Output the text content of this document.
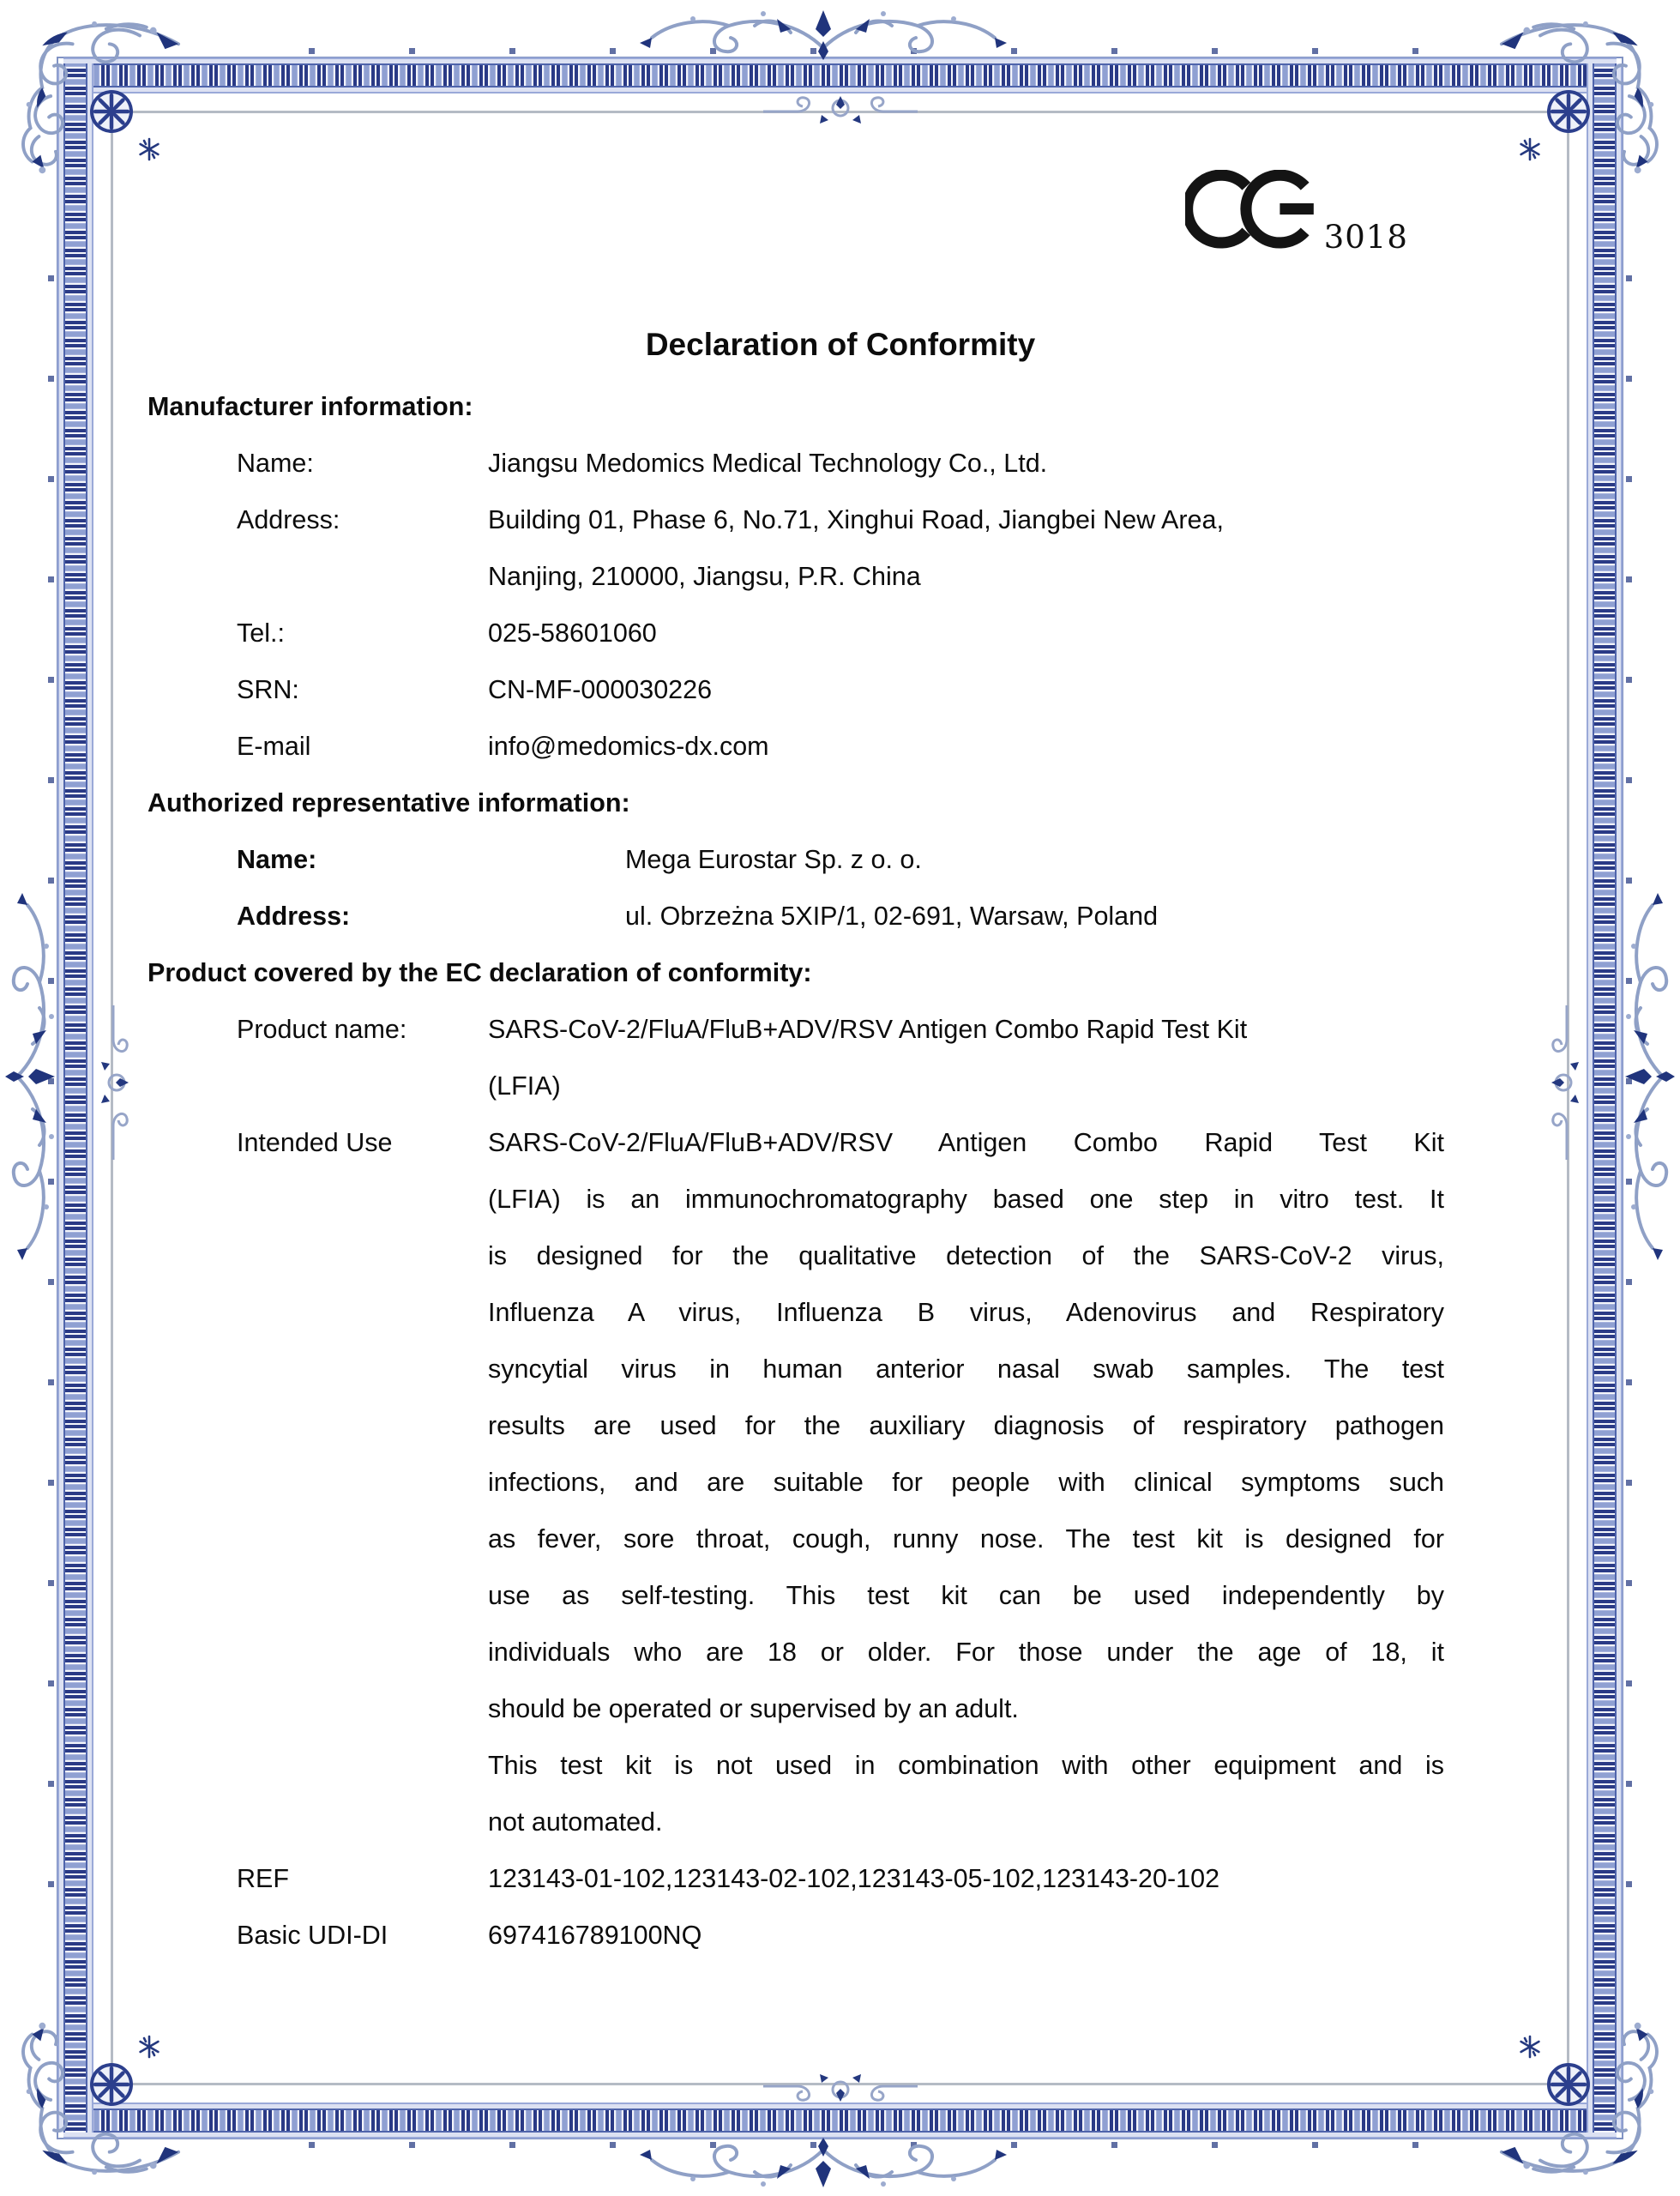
3018
Declaration of Conformity
Manufacturer information:
Name:	Jiangsu Medomics Medical Technology Co., Ltd.
Address:	Building 01, Phase 6, No.71, Xinghui Road, Jiangbei New Area,
Nanjing, 210000, Jiangsu, P.R. China
Tel.:	025-58601060
SRN:	CN-MF-000030226
E-mail	info@medomics-dx.com
Authorized representative information:
Name:	Mega Eurostar Sp. z o. o.
Address:	ul. Obrzeżna 5XIP/1, 02-691, Warsaw, Poland
Product covered by the EC declaration of conformity:
Product name:	SARS-CoV-2/FluA/FluB+ADV/RSV Antigen Combo Rapid Test Kit
(LFIA)
Intended Use	SARS-CoV-2/FluA/FluB+ADV/RSV Antigen Combo Rapid Test Kit
(LFIA) is an immunochromatography based one step in vitro test. It
is designed for the qualitative detection of the SARS-CoV-2 virus,
Influenza A virus, Influenza B virus, Adenovirus and Respiratory
syncytial virus in human anterior nasal swab samples. The test
results are used for the auxiliary diagnosis of respiratory pathogen
infections, and are suitable for people with clinical symptoms such
as fever, sore throat, cough, runny nose. The test kit is designed for
use as self-testing. This test kit can be used independently by
individuals who are 18 or older. For those under the age of 18, it
should be operated or supervised by an adult.
This test kit is not used in combination with other equipment and is
not automated.
REF	123143-01-102,123143-02-102,123143-05-102,123143-20-102
Basic UDI-DI	697416789100NQ
